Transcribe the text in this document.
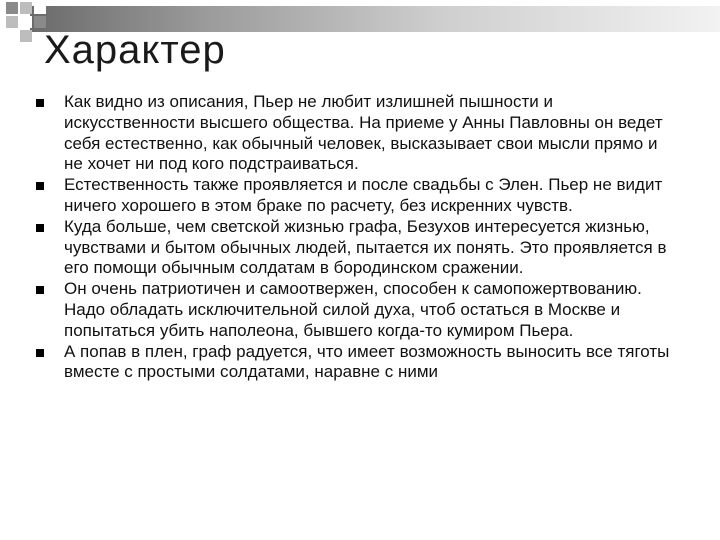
Характер
Как видно из описания, Пьер не любит излишней пышности и искусственности высшего общества. На приеме у Анны Павловны он ведет себя естественно, как обычный человек, высказывает свои мысли прямо и не хочет ни под кого подстраиваться.
Естественность также проявляется и после свадьбы с Элен. Пьер не видит ничего хорошего в этом браке по расчету, без искренних чувств.
Куда больше, чем светской жизнью графа, Безухов интересуется жизнью, чувствами и бытом обычных людей, пытается их понять. Это проявляется в его помощи обычным солдатам в бородинском сражении.
Он очень патриотичен и самоотвержен, способен к самопожертвованию. Надо обладать исключительной силой духа, чтоб остаться в Москве и попытаться убить наполеона, бывшего когда-то кумиром Пьера.
А попав в плен, граф радуется, что имеет возможность выносить все тяготы вместе с простыми солдатами, наравне с ними
